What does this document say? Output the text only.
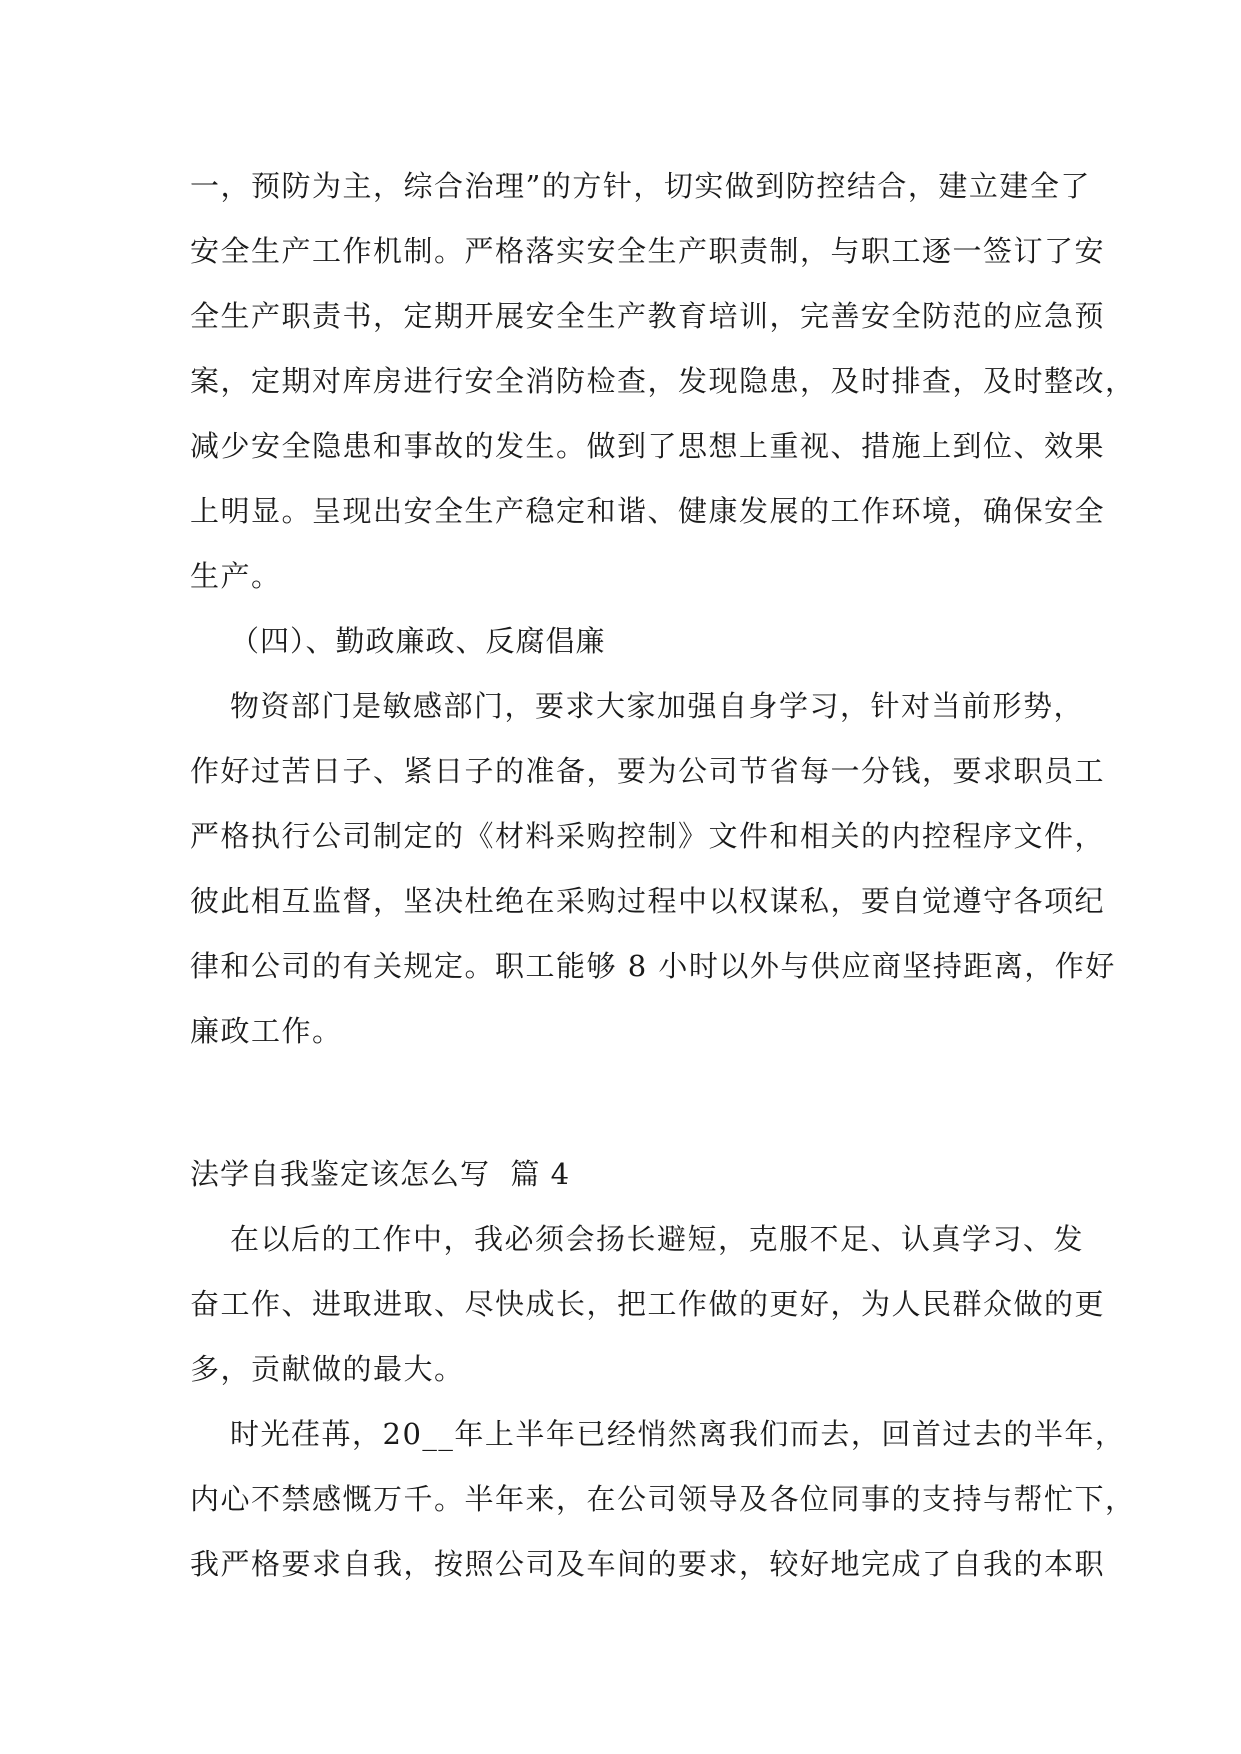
一，预防为主，综合治理”的方针，切实做到防控结合，建立建全了
安全生产工作机制。严格落实安全生产职责制，与职工逐一签订了安
全生产职责书，定期开展安全生产教育培训，完善安全防范的应急预
案，定期对库房进行安全消防检查，发现隐患，及时排查，及时整改，
减少安全隐患和事故的发生。做到了思想上重视、措施上到位、效果
上明显。呈现出安全生产稳定和谐、健康发展的工作环境，确保安全
生产。
（四）、勤政廉政、反腐倡廉
物资部门是敏感部门，要求大家加强自身学习，针对当前形势，
作好过苦日子、紧日子的准备，要为公司节省每一分钱，要求职员工
严格执行公司制定的《材料采购控制》文件和相关的内控程序文件，
彼此相互监督，坚决杜绝在采购过程中以权谋私，要自觉遵守各项纪
律和公司的有关规定。职工能够 8 小时以外与供应商坚持距离，作好
廉政工作。
法学自我鉴定该怎么写  篇 4
在以后的工作中，我必须会扬长避短，克服不足、认真学习、发
奋工作、进取进取、尽快成长，把工作做的更好，为人民群众做的更
多，贡献做的最大。
时光荏苒，20__年上半年已经悄然离我们而去，回首过去的半年，
内心不禁感慨万千。半年来，在公司领导及各位同事的支持与帮忙下，
我严格要求自我，按照公司及车间的要求，较好地完成了自我的本职
